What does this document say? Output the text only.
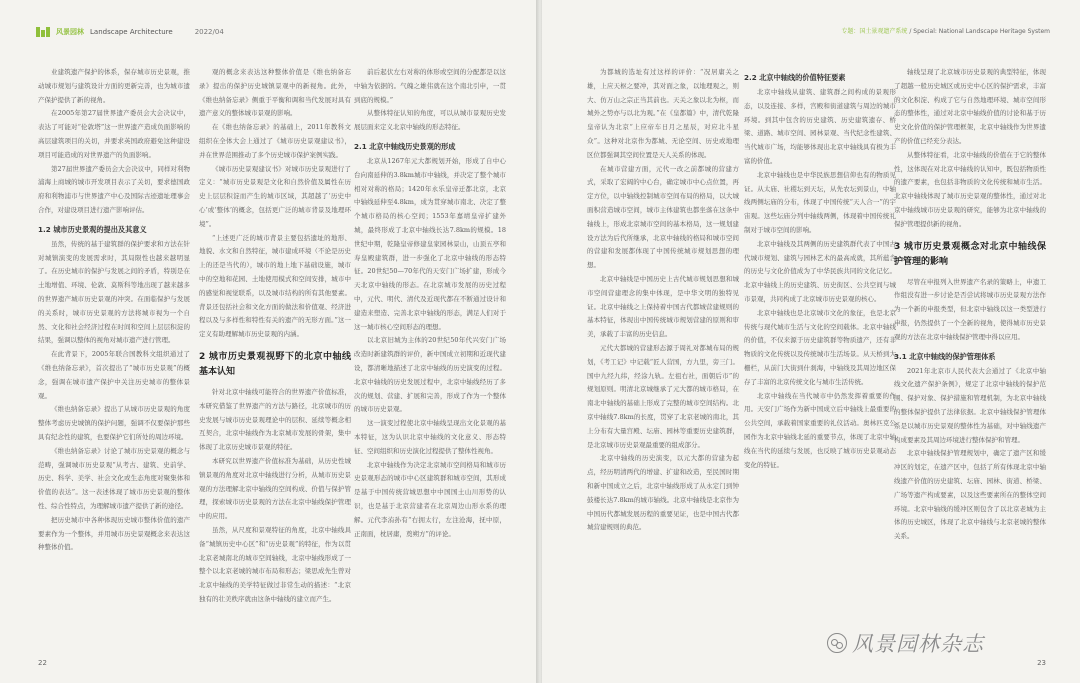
风景园林 Landscape Architecture	2022/04

业建筑遗产保护的体系，保存城市历史景观，推动城市规划与建筑设计方面的更新完善，也为城市遗产保护提供了新的视角。

在2005年第27届世界遗产委员会大会决议中，表达了可能对“伦敦塔”这一世界遗产造成负面影响的高层建筑项目的关切，并要求英国政府避免这种建设项目可能造成的对世界遗产的负面影响。

第27届世界遗产委员会大会决议中，同样对利物浦海上商城的城市开发项目表示了关切，要求德国政府和利物浦市与世界遗产中心及国际古迹遗址理事会合作，对建设项目进行遗产影响评估。

1.2 城市历史景观的提出及其意义

虽然，传统的基于建筑群的保护要求和方法在针对城镇演变的发展需求时，其局限性也越来越明显了。在历史城市的保护与发展之间的矛盾，特别是在土地增值、环境、伦敦、莫斯科等地出现了越来越多的世界遗产城市历史景观的冲突。在面临保护与发展的关系时，城市历史景观的方法将城市视为一个自然、文化和社会经济过程在时间和空间上层层积淀的结果，强调以整体的视角对城市遗产进行管理。

在此背景下，2005年联合国教科文组织通过了《维也纳备忘录》，首次提出了“城市历史景观”的概念，强调在城市遗产保护中关注历史城市的整体景观。

《维也纳备忘录》提出了从城市历史景观的角度整体考虑历史城镇的保护问题，强调不仅要保护那些具有纪念性的建筑，也要保护它们所处的周边环境。

《维也纳备忘录》讨论了城市历史景观的概念与范畴，强调城市历史景观“从考古、建筑、史前学、历史、科学、美学、社会文化或生态角度对聚集体和价值的表达”。这一表述体现了城市历史景观的整体性、综合性特点，为理解城市遗产提供了新的途径。

把历史城市中各种体现历史城市整体价值的遗产要素作为一个整体，并用城市历史景观概念来表达这种整体价值。

观的概念来表达这种整体价值是《维也纳备忘录》提出的保护历史城镇景观中的新视角。此外，《维也纳备忘录》侧重于平衡和调和当代发展对具有遗产意义的整体城市景观的影响。

在《维也纳备忘录》的基础上，2011年教科文组织在全体大会上通过了《城市历史景观建议书》，并在世界范围推动了多个历史城市保护案例实践。

《城市历史景观建议书》对城市历史景观进行了定义：“城市历史景观是文化和自然价值及属性在历史上层层积淀而产生的城市区域，其超越了‘历史中心’或‘整体’的概念，包括更广泛的城市背景及地理环境”。

“上述更广泛的城市背景主要包括遗址的地形、地貌、水文和自然特征，城市建成环境（不论是历史上的还是当代的），城市的地上地下基础设施，城市中的空地和花园、土地使用模式和空间安排，城市中的感觉和视觉联系，以及城市结构的所有其他要素。背景还包括社会和文化方面的做法和价值观、经济进程以及与多样性和特性有关的遗产的无形方面。”这一定义有助理解城市历史景观的内涵。

2 城市历史景观视野下的北京中轴线基本认知

针对北京中轴线可能符合的世界遗产价值标准，本研究借鉴了世界遗产的方法与路径，北京城市的历史发展与城市历史景观理论中的层积、延续等概念相互契合，北京中轴线作为北京城市发展的骨架，集中体现了北京历史城市景观的特征。

本研究以世界遗产价值标准为基础，从历史性城镇景观的角度对北京中轴线进行分析，从城市历史景观的方法理解北京中轴线的空间构成、价值与保护管理，探索城市历史景观的方法在北京中轴线保护管理中的应用。

虽然，从尺度和景观特征的角度，北京中轴线具备“城镇历史中心区”和“历史景观”的特征，作为以贯北京老城南北的城市空间轴线，北京中轴线形成了一整个以北京老城的城市布局和形态；梁思成先生曾对北京中轴线的美学特征做过非常生动的描述：“北京独有的壮美秩序就由这条中轴线的建立而产生。

前后起伏左右对称的体形或空间的分配都是以这中轴为依据的。气魄之雄伟就在这个南北引申，一贯到底的规模。”

从整体特征认知的角度，可以从城市景观历史发展层面来定义北京中轴线的形态特征。

2.1 北京中轴线历史景观的形成

北京从1267年元大都规划开始，形成了自中心台向南延伸的3.8km城市中轴线，并决定了整个城市相对对称的格局；1420年永乐皇帝迁都北京，北京中轴线延伸至4.8km，成为贯穿城市南北、决定了整个城市格局的核心空间；1553年嘉靖皇帝扩建外城，最终形成了北京中轴线长达7.8km的规模。18世纪中期，乾隆皇帝修建皇家园林景山，山顶五亭和寿皇殿建筑群，进一步强化了北京中轴线的形态特征。20世纪50—70年代的天安门广场扩建，形成今天北京中轴线的形态。在北京城市发展的历史过程中，元代、明代、清代及近现代都在不断通过设计和建造来塑造、完善北京中轴线的形态，满足人们对于这一城市核心空间形态的理想。

以北京旧城为主体的20世纪50年代兴安门广场改造时新建筑群的评价，新中国成立初期和近现代建设，都清晰地描述了北京中轴线的历史演变的过程。北京中轴线的历史发展过程中，北京中轴线经历了多次的规划、营建、扩展和完善，形成了作为一个整体的城市历史景观。

这一演变过程使北京中轴线呈现出文化景观的基本特征，这为认识北京中轴线的文化意义、形态特征、空间组织和历史演化过程提供了整体性视角。

北京中轴线作为决定北京城市空间格局和城市历史景观形态的城市中心区建筑群和城市空间，其形成是基于中国传统营城思想中中国国土山川形势的认识，也是基于北京营建者在北京周边山形水系的理解。元代李洧孙有“右拥太行，左注沧海，抚中原，正南面，枕居庸，奠朔方”的评论。

22
专题：国土景观遗产系统 / Special: National Landscape Heritage System

为都城的选址有过这样的评价：“况居庸关之雄，上应天枢之要冲，其对面之象，以地理观之，则大、仿万山之宗正当其前也。天关之象以北为枢，而城外之势亦与以北为观。”在《皇都篇》中，清代乾隆皇帝认为北京“上应帝车日月之星辰，对应北斗星众”。这种对北京作为都城、无论空间、历史或地理区位都强调其空间位置是天人关系的体现。

在城市营建方面，元代一改之前都城的营建方式，采取了宏阔的中心台，确定城市中心点位置，再定方位，以中轴线控制城市空间布局的格局，以大城面积营造城市空间，城市主体建筑也都坐落在这条中轴线上，形成北京城市空间的基本格局，这一规划建设方法为后代所继承，北京中轴线的格局和城市空间的营建和发展都体现了中国传统城市规划思想的理想。

北京中轴线是中国历史上古代城市规划思想和城市空间营建理念的集中体现，是中华文明的独特见证。北京中轴线之上保持着中国古代都城营建规则的基本特征，体现出中国传统城市规划营建的原则和审美，承载了丰富的历史信息。

元代大都城的营建形态源于周礼对都城布局的规划，《考工记》中记载“匠人营国，方九里，旁三门。国中九经九纬，经涂九轨。左祖右社，面朝后市”的规划原则。明清北京城继承了元大都的城市格局，在南北中轴线的基础上形成了完整的城市空间结构。北京中轴线7.8km的长度，贯穿了北京老城的南北，其上分布有大量宫殿、坛庙、园林等重要历史建筑群，是北京城市历史景观最重要的组成部分。

北京中轴线的历史演变，以元大都的营建为起点，经历明清两代的增建、扩建和改造，至民国时期和新中国成立之后，北京中轴线形成了从永定门到钟鼓楼长达7.8km的城市轴线。北京中轴线是北京作为中国历代都城发展历程的重要见证，也是中国古代都城营建规则的典范。

2.2 北京中轴线的价值特征要素

北京中轴线从建筑、建筑群之间构成的景观形态，以及连接、多样，宫殿和街道建筑与周边的城市环境。到其中包含的历史建筑、历史建筑遗存、桥梁、道路、城市空间、园林景观、当代纪念性建筑、当代城市广场，均能够体现出北京中轴线具有极为丰富的价值。

北京中轴线也是中华民族思想信仰也有的物质见证。从太庙、社稷坛到天坛，从先农坛到景山，中轴线两侧坛庙的分布，体现了中国传统“天人合一”的宇宙观。这些坛庙分列中轴线两侧，体现着中国传统礼制对于城市空间的影响。

北京中轴线及其两侧的历史建筑群代表了中国古代城市规划、建筑与园林艺术的最高成就，其所蕴含的历史与文化价值成为了中华民族共同的文化记忆。北京中轴线上的历史建筑、历史街区、公共空间与城市景观，共同构成了北京城市历史景观的核心。

北京中轴线也是北京城市文化的象征，也是北京传统与现代城市生活与文化的空间载体。北京中轴线的价值，不仅来源于历史建筑群等物质遗产，还有非物质的文化传统以及传统城市生活场景。从天桥到大栅栏，从前门大街到什刹海，中轴线及其周边地区保存了丰富的北京传统文化与城市生活传统。

北京中轴线在当代城市中仍然发挥着重要的作用。天安门广场作为新中国成立后中轴线上最重要的公共空间，承载着国家重要的礼仪活动。奥林匹克公园作为北京中轴线北延的重要节点，体现了北京中轴线在当代的延续与发展，也反映了城市历史景观动态变化的特征。

轴线呈现了北京城市历史景观的典型特征，体现了超越一般历史城区或历史中心区的保护需求，丰富的文化积淀、构成了它与自然地理环境、城市空间形态的整体性，通过对北京中轴线价值的讨论和基于历史文化价值的保护管理框架，北京中轴线作为世界遗产的价值已经充分表达。

从整体特征看，北京中轴线的价值在于它的整体性，这体现在对北京中轴线的认知中，既包括物质性的遗产要素，也包括非物质的文化传统和城市生活。北京中轴线体现了城市历史景观的整体性，通过对北京中轴线城市历史景观的研究，能够为北京中轴线的保护管理提供新的视角。

3 城市历史景观概念对北京中轴线保护管理的影响

尽管在申报列入世界遗产名录的策略上，申遗工作组没有进一步讨论是否尝试将城市历史景观方法作为一个新的申报类型，但北京中轴线以这一类型进行申报，仍然提供了一个全新的视角，使得城市历史景观的方法在北京中轴线保护管理中得以应用。

3.1 北京中轴线的保护管理体系

2021年北京市人民代表大会通过了《北京中轴线文化遗产保护条例》，规定了北京中轴线的保护范围、保护对象、保护措施和管理机制，为北京中轴线的整体保护提供了法律依据。北京中轴线保护管理体系是以城市历史景观的整体性为基础，对中轴线遗产构成要素及其周边环境进行整体保护和管理。

北京中轴线保护管理规划中，确定了遗产区和缓冲区的划定，在遗产区中，包括了所有体现北京中轴线遗产价值的历史建筑、坛庙、园林、街道、桥梁、广场等遗产构成要素，以及这些要素所在的整体空间环境。北京中轴线的缓冲区则包含了以北京老城为主体的历史城区，体现了北京中轴线与北京老城的整体关系。

风景园林杂志
23
